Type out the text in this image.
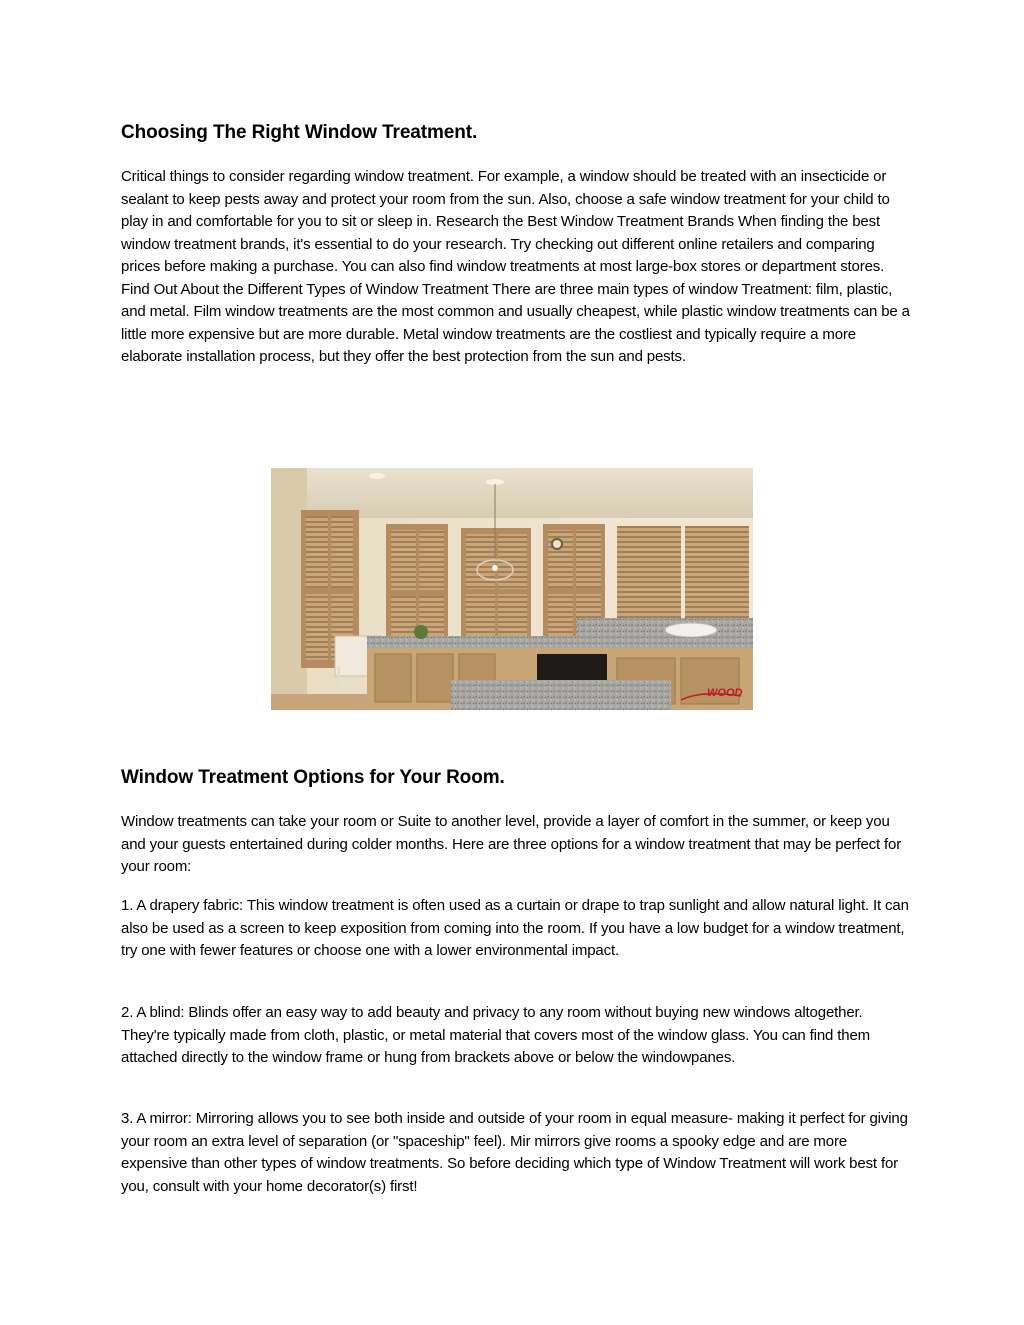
Choosing The Right Window Treatment.

Critical things to consider regarding window treatment. For example, a window should be treated with an insecticide or sealant to keep pests away and protect your room from the sun. Also, choose a safe window treatment for your child to play in and comfortable for you to sit or sleep in. Research the Best Window Treatment Brands When finding the best window treatment brands, it's essential to do your research. Try checking out different online retailers and comparing prices before making a purchase. You can also find window treatments at most large-box stores or department stores. Find Out About the Different Types of Window Treatment There are three main types of window Treatment: film, plastic, and metal. Film window treatments are the most common and usually cheapest, while plastic window treatments can be a little more expensive but are more durable. Metal window treatments are the costliest and typically require a more elaborate installation process, but they offer the best protection from the sun and pests.

Window Treatment Options for Your Room.

Window treatments can take your room or Suite to another level, provide a layer of comfort in the summer, or keep you and your guests entertained during colder months. Here are three options for a window treatment that may be perfect for your room:

1. A drapery fabric: This window treatment is often used as a curtain or drape to trap sunlight and allow natural light. It can also be used as a screen to keep exposition from coming into the room. If you have a low budget for a window treatment, try one with fewer features or choose one with a lower environmental impact.

2. A blind: Blinds offer an easy way to add beauty and privacy to any room without buying new windows altogether. They're typically made from cloth, plastic, or metal material that covers most of the window glass. You can find them attached directly to the window frame or hung from brackets above or below the windowpanes.

3. A mirror: Mirroring allows you to see both inside and outside of your room in equal measure- making it perfect for giving your room an extra level of separation (or "spaceship" feel). Mir mirrors give rooms a spooky edge and are more expensive than other types of window treatments. So before deciding which type of Window Treatment will work best for you, consult with your home decorator(s) first!

WOOD
